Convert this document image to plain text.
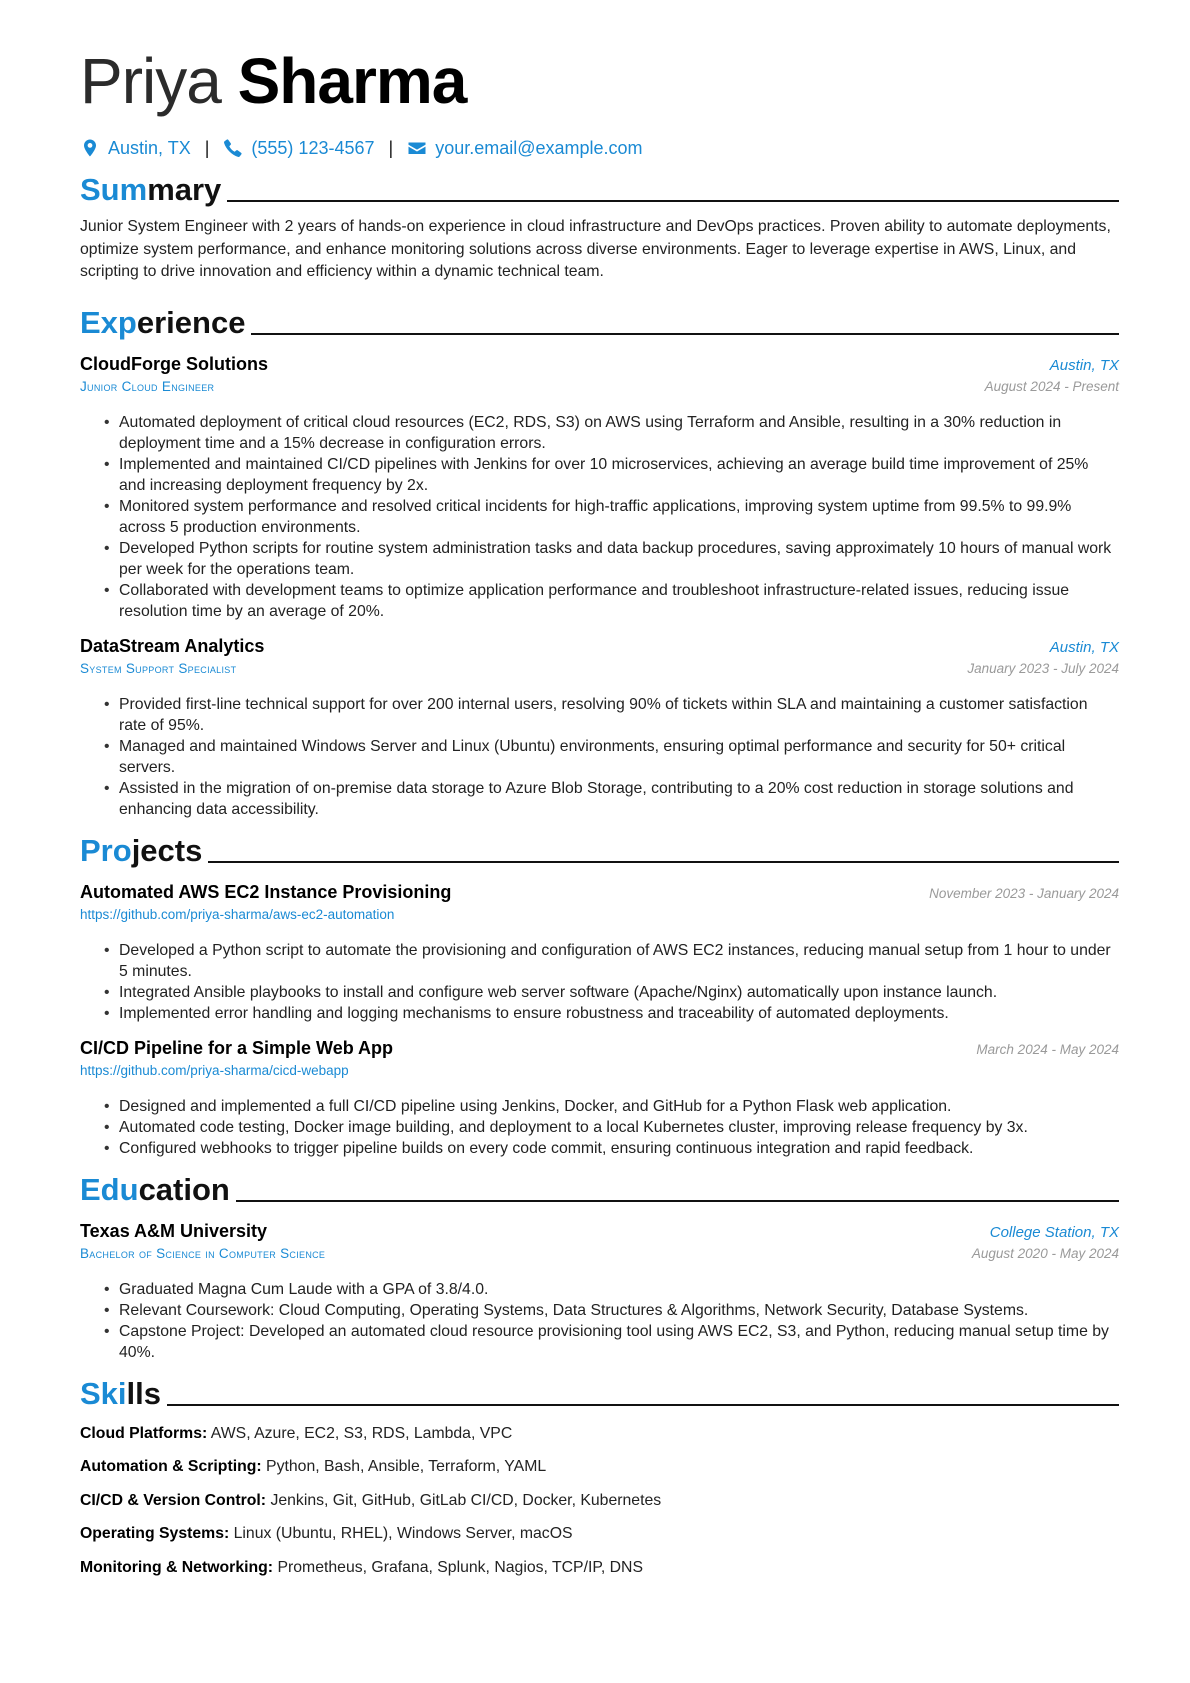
Priya Sharma
Austin, TX | (555) 123-4567 | your.email@example.com
Summary
Junior System Engineer with 2 years of hands-on experience in cloud infrastructure and DevOps practices. Proven ability to automate deployments, optimize system performance, and enhance monitoring solutions across diverse environments. Eager to leverage expertise in AWS, Linux, and scripting to drive innovation and efficiency within a dynamic technical team.
Experience
CloudForge Solutions	Austin, TX
Junior Cloud Engineer	August 2024 - Present
• Automated deployment of critical cloud resources (EC2, RDS, S3) on AWS using Terraform and Ansible, resulting in a 30% reduction in deployment time and a 15% decrease in configuration errors.
• Implemented and maintained CI/CD pipelines with Jenkins for over 10 microservices, achieving an average build time improvement of 25% and increasing deployment frequency by 2x.
• Monitored system performance and resolved critical incidents for high-traffic applications, improving system uptime from 99.5% to 99.9% across 5 production environments.
• Developed Python scripts for routine system administration tasks and data backup procedures, saving approximately 10 hours of manual work per week for the operations team.
• Collaborated with development teams to optimize application performance and troubleshoot infrastructure-related issues, reducing issue resolution time by an average of 20%.
DataStream Analytics	Austin, TX
System Support Specialist	January 2023 - July 2024
• Provided first-line technical support for over 200 internal users, resolving 90% of tickets within SLA and maintaining a customer satisfaction rate of 95%.
• Managed and maintained Windows Server and Linux (Ubuntu) environments, ensuring optimal performance and security for 50+ critical servers.
• Assisted in the migration of on-premise data storage to Azure Blob Storage, contributing to a 20% cost reduction in storage solutions and enhancing data accessibility.
Projects
Automated AWS EC2 Instance Provisioning	November 2023 - January 2024
https://github.com/priya-sharma/aws-ec2-automation
• Developed a Python script to automate the provisioning and configuration of AWS EC2 instances, reducing manual setup from 1 hour to under 5 minutes.
• Integrated Ansible playbooks to install and configure web server software (Apache/Nginx) automatically upon instance launch.
• Implemented error handling and logging mechanisms to ensure robustness and traceability of automated deployments.
CI/CD Pipeline for a Simple Web App	March 2024 - May 2024
https://github.com/priya-sharma/cicd-webapp
• Designed and implemented a full CI/CD pipeline using Jenkins, Docker, and GitHub for a Python Flask web application.
• Automated code testing, Docker image building, and deployment to a local Kubernetes cluster, improving release frequency by 3x.
• Configured webhooks to trigger pipeline builds on every code commit, ensuring continuous integration and rapid feedback.
Education
Texas A&M University	College Station, TX
Bachelor of Science in Computer Science	August 2020 - May 2024
• Graduated Magna Cum Laude with a GPA of 3.8/4.0.
• Relevant Coursework: Cloud Computing, Operating Systems, Data Structures & Algorithms, Network Security, Database Systems.
• Capstone Project: Developed an automated cloud resource provisioning tool using AWS EC2, S3, and Python, reducing manual setup time by 40%.
Skills
Cloud Platforms: AWS, Azure, EC2, S3, RDS, Lambda, VPC
Automation & Scripting: Python, Bash, Ansible, Terraform, YAML
CI/CD & Version Control: Jenkins, Git, GitHub, GitLab CI/CD, Docker, Kubernetes
Operating Systems: Linux (Ubuntu, RHEL), Windows Server, macOS
Monitoring & Networking: Prometheus, Grafana, Splunk, Nagios, TCP/IP, DNS
